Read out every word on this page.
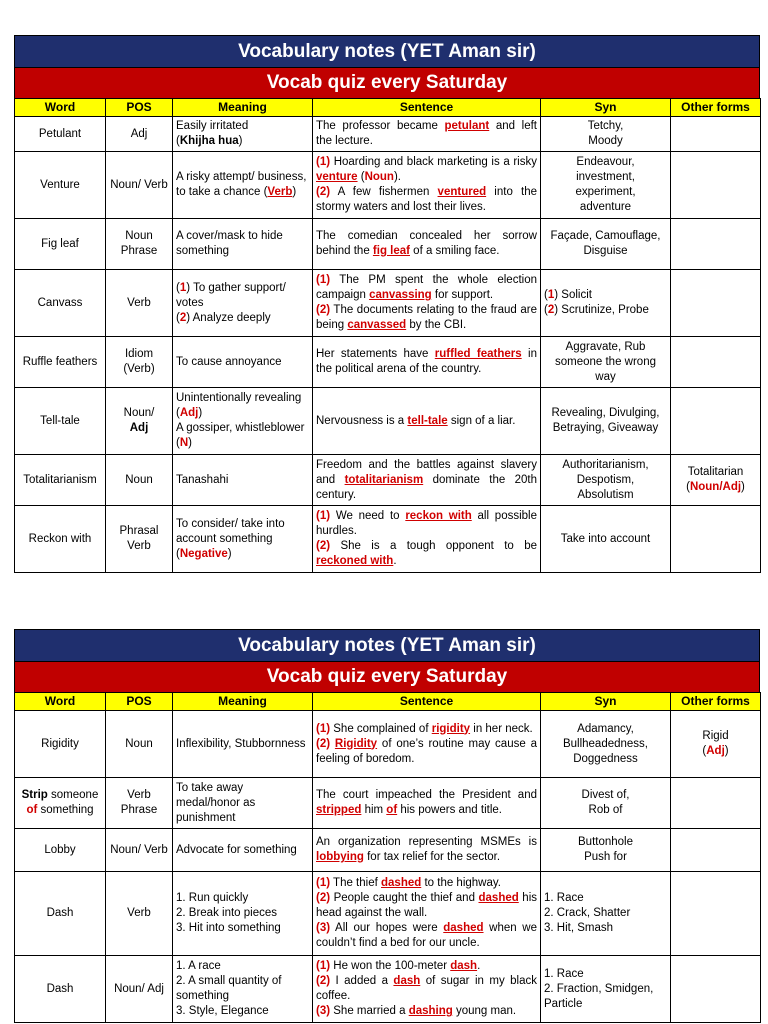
Vocabulary notes (YET Aman sir)
Vocab quiz every Saturday
Word	POS	Meaning	Sentence	Syn	Other forms
Petulant	Adj	Easily irritated
(Khijha hua)	The professor became petulant and left the lecture.	Tetchy,
Moody	

Venture	Noun/ Verb	A risky attempt/ business, to take a chance (Verb)	(1) Hoarding and black marketing is a risky venture (Noun).
(2) A few fishermen ventured into the stormy waters and lost their lives.	Endeavour,
investment,
experiment,
adventure	

Fig leaf	Noun Phrase	A cover/mask to hide something	The comedian concealed her sorrow behind the fig leaf of a smiling face.	Façade, Camouflage, Disguise	

Canvass	Verb	(1) To gather support/ votes
(2) Analyze deeply	(1) The PM spent the whole election campaign canvassing for support.
(2) The documents relating to the fraud are being canvassed by the CBI.	(1) Solicit
(2) Scrutinize, Probe	

Ruffle feathers	Idiom (Verb)	To cause annoyance	Her statements have ruffled feathers in the political arena of the country.	Aggravate, Rub someone the wrong way	

Tell-tale	Noun/
Adj	Unintentionally revealing (Adj)
A gossiper, whistleblower (N)	Nervousness is a tell-tale sign of a liar.	Revealing, Divulging, Betraying, Giveaway	

Totalitarianism	Noun	Tanashahi	Freedom and the battles against slavery and totalitarianism dominate the 20th century.	Authoritarianism,
Despotism,
Absolutism	Totalitarian
(Noun/Adj)

Reckon with	Phrasal Verb	To consider/ take into account something (Negative)	(1) We need to reckon with all possible hurdles.
(2) She is a tough opponent to be reckoned with.	Take into account	

Vocabulary notes (YET Aman sir)
Vocab quiz every Saturday
Word	POS	Meaning	Sentence	Syn	Other forms
Rigidity	Noun	Inflexibility, Stubbornness	(1) She complained of rigidity in her neck.
(2) Rigidity of one’s routine may cause a feeling of boredom.	Adamancy,
Bullheadedness,
Doggedness	Rigid
(Adj)

Strip someone of something	Verb Phrase	To take away medal/honor as punishment	The court impeached the President and stripped him of his powers and title.	Divest of,
Rob of	

Lobby	Noun/ Verb	Advocate for something	An organization representing MSMEs is lobbying for tax relief for the sector.	Buttonhole
Push for	

Dash	Verb	1. Run quickly
2. Break into pieces
3. Hit into something	(1) The thief dashed to the highway.
(2) People caught the thief and dashed his head against the wall.
(3) All our hopes were dashed when we couldn’t find a bed for our uncle.	1. Race
2. Crack, Shatter
3. Hit, Smash	

Dash	Noun/ Adj	1. A race
2. A small quantity of something
3. Style, Elegance	(1) He won the 100-meter dash.
(2) I added a dash of sugar in my black coffee.
(3) She married a dashing young man.	1. Race
2. Fraction, Smidgen, Particle	
